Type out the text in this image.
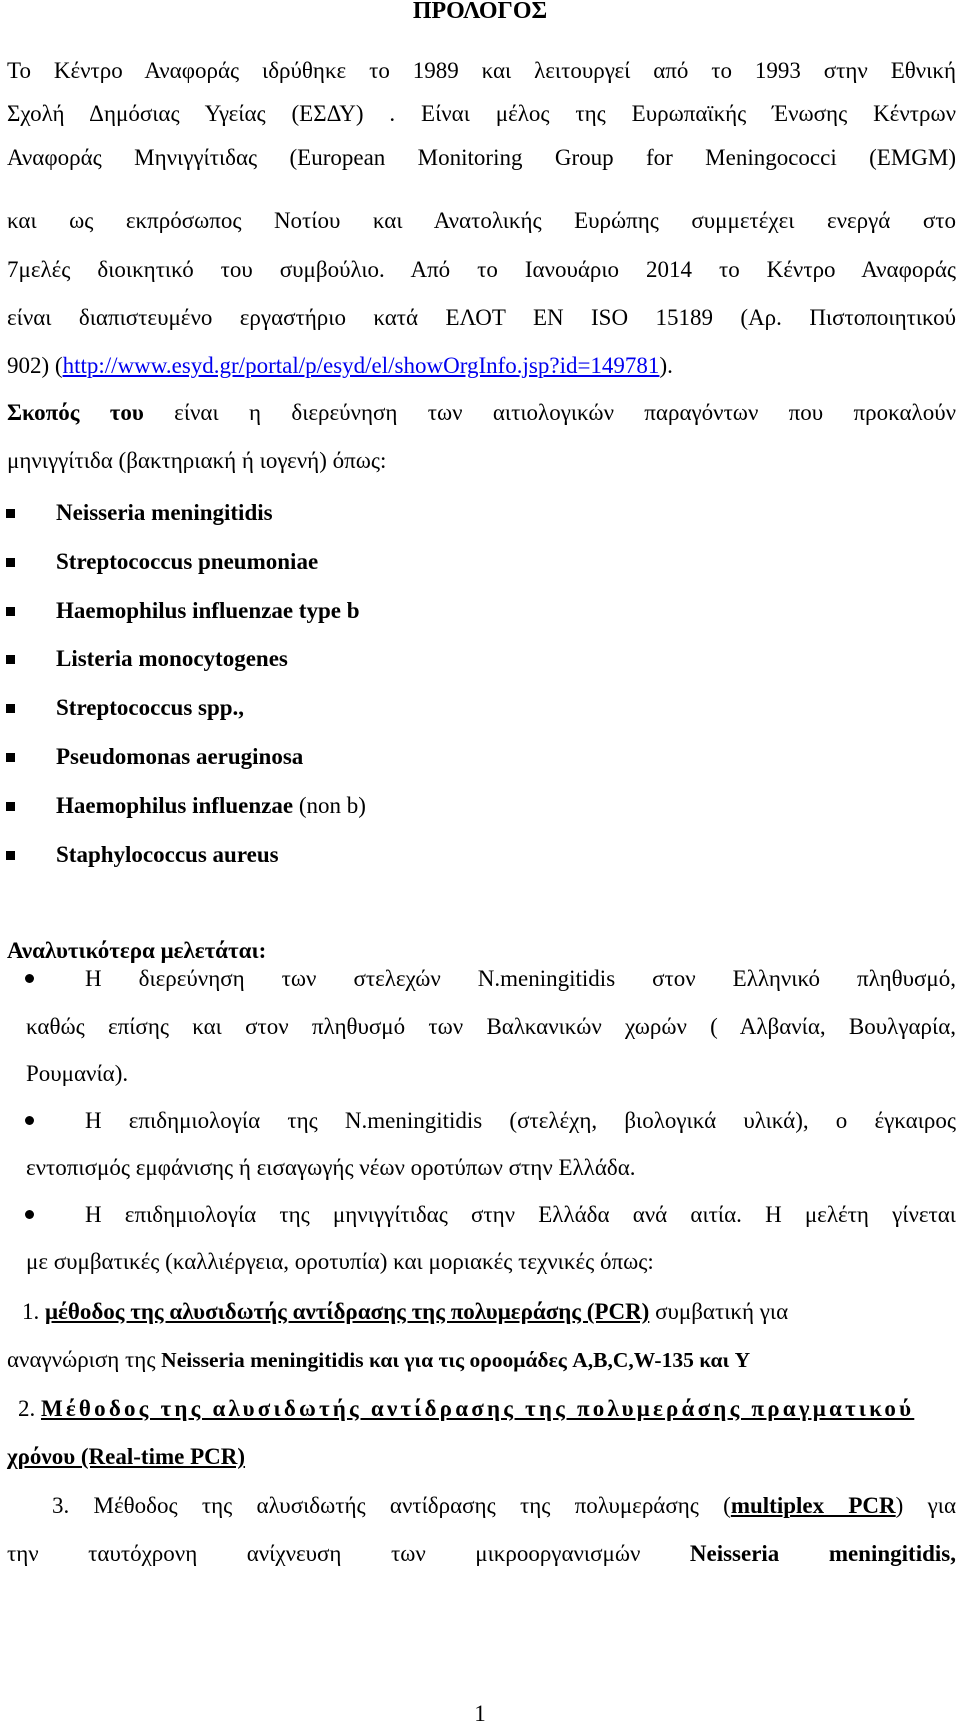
ΠΡΟΛΟΓΟΣ
Το Κέντρο Αναφοράς ιδρύθηκε το 1989 και λειτουργεί από το 1993 στην Εθνική
Σχολή Δημόσιας Υγείας (ΕΣΔΥ) . Είναι μέλος της Ευρωπαϊκής Ένωσης Κέντρων
Αναφοράς Μηνιγγίτιδας (European Monitoring Group for Meningococci (EMGM)
και ως εκπρόσωπος Νοτίου και Ανατολικής Ευρώπης συμμετέχει ενεργά στο
7μελές διοικητικό του συμβούλιο. Από το Ιανουάριο 2014 το Κέντρο Αναφοράς
είναι διαπιστευμένο εργαστήριο κατά ΕΛΟΤ ΕΝ ISO 15189 (Αρ. Πιστοποιητικού
902) (http://www.esyd.gr/portal/p/esyd/el/showOrgInfo.jsp?id=149781).
Σκοπός του είναι η διερεύνηση των αιτιολογικών παραγόντων που προκαλούν
μηνιγγίτιδα (βακτηριακή ή ιογενή) όπως:
Neisseria meningitidis
Streptococcus pneumoniae
Haemophilus influenzae type b
Listeria monocytogenes
Streptococcus spp.,
Pseudomonas aeruginosa
Haemophilus influenzae (non b)
Staphylococcus aureus
Αναλυτικότερα μελετάται:
Η διερεύνηση των στελεχών N.meningitidis στον Ελληνικό πληθυσμό,
καθώς επίσης και στον πληθυσμό των Βαλκανικών χωρών ( Αλβανία, Βουλγαρία,
Ρουμανία).
Η επιδημιολογία της N.meningitidis (στελέχη, βιολογικά υλικά), ο έγκαιρος
εντοπισμός εμφάνισης ή εισαγωγής νέων οροτύπων στην Ελλάδα.
Η επιδημιολογία της μηνιγγίτιδας στην Ελλάδα ανά αιτία. Η μελέτη γίνεται
με συμβατικές (καλλιέργεια, οροτυπία) και μοριακές τεχνικές όπως:
1. μέθοδος της αλυσιδωτής αντίδρασης της πολυμεράσης (PCR) συμβατική για
αναγνώριση της Neisseria meningitidis και για τις οροομάδες A,B,C,W-135 και Y
2. Μέθοδος της αλυσιδωτής αντίδρασης της πολυμεράσης πραγματικού
χρόνου (Real-time PCR)
3. Μέθοδος της αλυσιδωτής αντίδρασης της πολυμεράσης (multiplex PCR) για
την ταυτόχρονη ανίχνευση των μικροοργανισμών Neisseria meningitidis,
1
